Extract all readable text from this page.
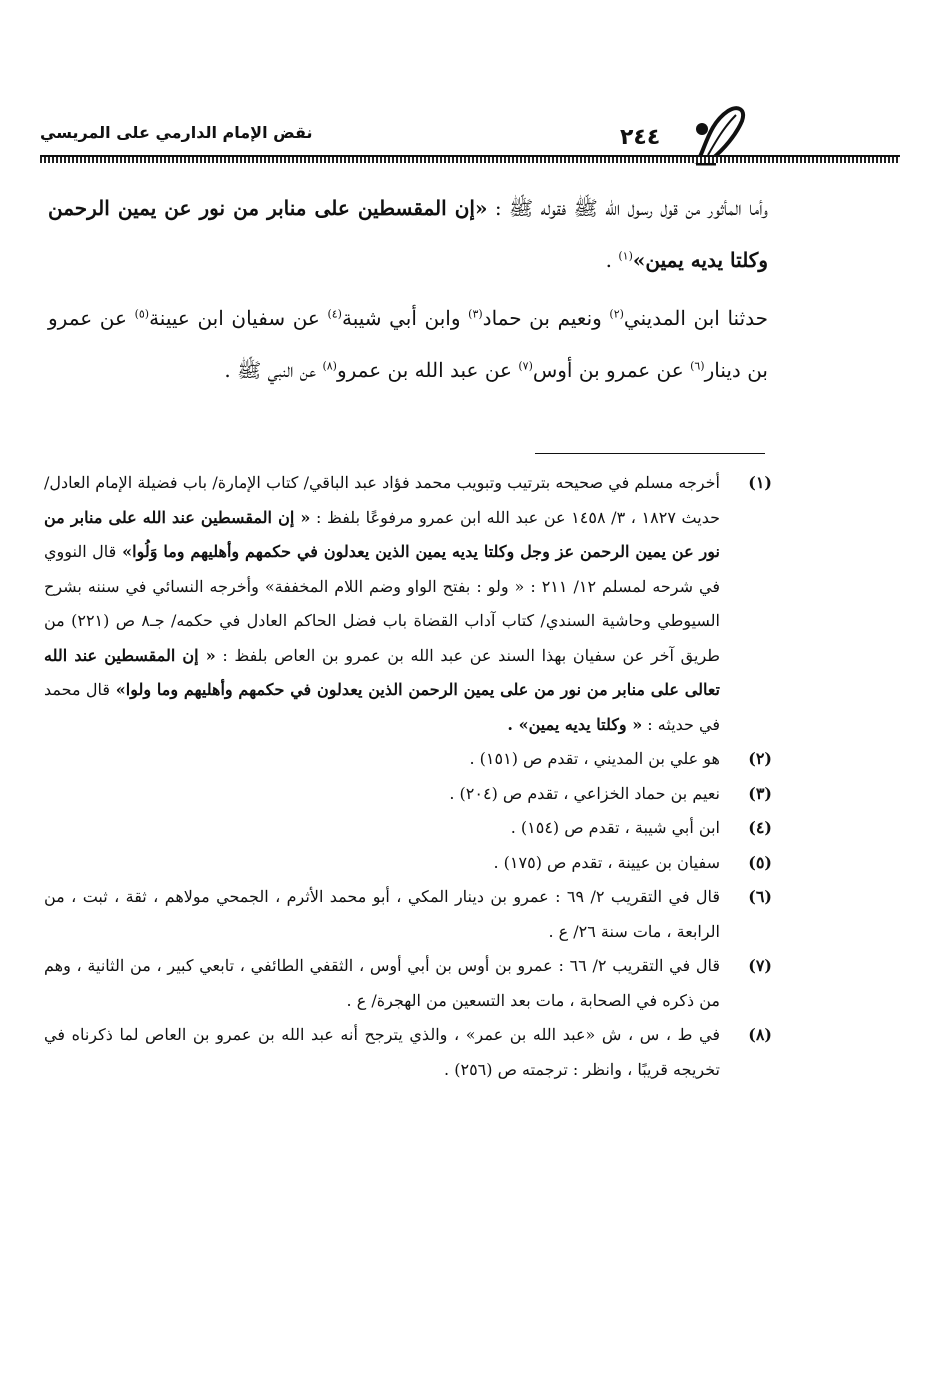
نقض الإمام الدارمي على المريسي	٢٤٤

وأما المأثور من قول رسول الله ﷺ فقوله ﷺ : «إن المقسطين على منابر من نور عن يمين الرحمن وكلتا يديه يمين»$^{(١)}$ .

حدثنا ابن المديني$^{(٢)}$ ونعيم بن حماد$^{(٣)}$ وابن أبي شيبة$^{(٤)}$ عن سفيان ابن عيينة$^{(٥)}$ عن عمرو بن دينار$^{(٦)}$ عن عمرو بن أوس$^{(٧)}$ عن عبد الله بن عمرو$^{(٨)}$ عن النبي ﷺ .

(١)
أخرجه مسلم في صحيحه بترتيب وتبويب محمد فؤاد عبد الباقي/ كتاب الإمارة/ باب فضيلة الإمام العادل/ حديث ١٨٢٧ ، ٣/ ١٤٥٨ عن عبد الله ابن عمرو مرفوعًا بلفظ : « إن المقسطين عند الله على منابر من نور عن يمين الرحمن عز وجل وكلتا يديه يمين الذين يعدلون في حكمهم وأهليهم وما وَلُوا» قال النووي في شرحه لمسلم ١٢/ ٢١١ : « ولو : بفتح الواو وضم اللام المخففة» وأخرجه النسائي في سننه بشرح السيوطي وحاشية السندي/ كتاب آداب القضاة باب فضل الحاكم العادل في حكمه/ جـ٨ ص (٢٢١) من طريق آخر عن سفيان بهذا السند عن عبد الله بن عمرو بن العاص بلفظ : « إن المقسطين عند الله تعالى على منابر من نور من على يمين الرحمن الذين يعدلون في حكمهم وأهليهم وما ولوا» قال محمد في حديثه : « وكلتا يديه يمين» .

(٢)
هو علي بن المديني ، تقدم ص (١٥١) .

(٣)
نعيم بن حماد الخزاعي ، تقدم ص (٢٠٤) .

(٤)
ابن أبي شيبة ، تقدم ص (١٥٤) .

(٥)
سفيان بن عيينة ، تقدم ص (١٧٥) .

(٦)
قال في التقريب ٢/ ٦٩ : عمرو بن دينار المكي ، أبو محمد الأثرم ، الجمحي مولاهم ، ثقة ، ثبت ، من الرابعة ، مات سنة ٢٦/ ع .

(٧)
قال في التقريب ٢/ ٦٦ : عمرو بن أوس بن أبي أوس ، الثقفي الطائفي ، تابعي كبير ، من الثانية ، وهم من ذكره في الصحابة ، مات بعد التسعين من الهجرة/ ع .

(٨)
في ط ، س ، ش «عبد الله بن عمر» ، والذي يترجح أنه عبد الله بن عمرو بن العاص لما ذكرناه في تخريجه قريبًا ، وانظر : ترجمته ص (٢٥٦) .
